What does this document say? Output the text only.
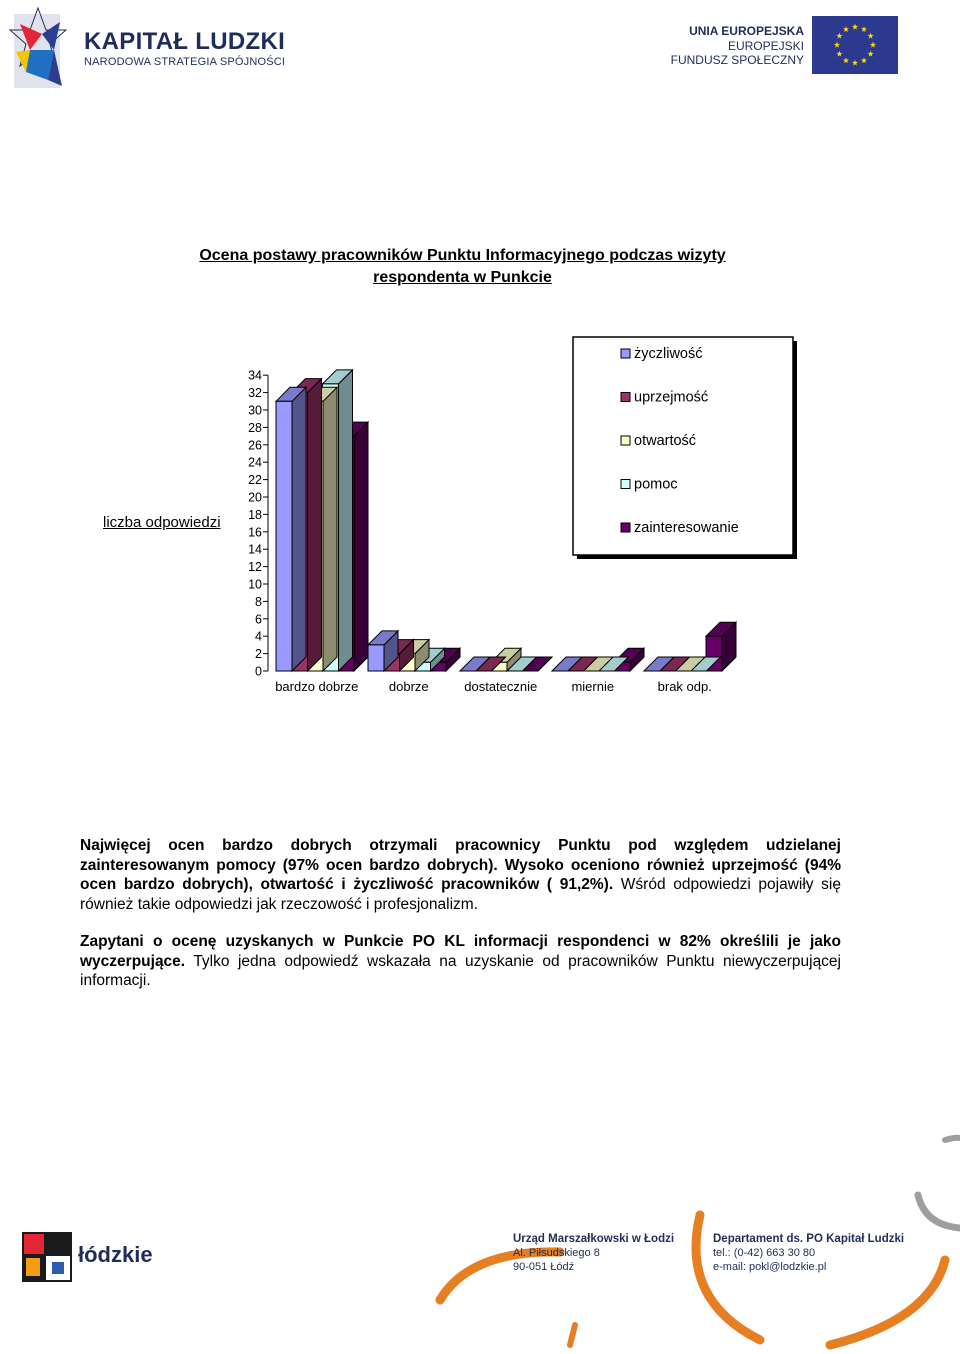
KAPITAŁ LUDZKI
NARODOWA STRATEGIA SPÓJNOŚCI
UNIA EUROPEJSKA
EUROPEJSKI
FUNDUSZ SPOŁECZNY
Ocena postawy pracowników Punktu Informacyjnego podczas wizyty
respondenta w Punkcie
liczba odpowiedzi
0
2
4
6
8
10
12
14
16
18
20
22
24
26
28
30
32
34
bardzo dobrze dobrze	dostatecznie	miernie	brak odp.
życzliwość
uprzejmość
otwartość
pomoc
zainteresowanie
Najwięcej ocen bardzo dobrych otrzymali pracownicy Punktu pod względem udzielanej zainteresowanym pomocy (97% ocen bardzo dobrych). Wysoko oceniono również uprzejmość (94% ocen bardzo dobrych), otwartość i życzliwość pracowników ( 91,2%). Wśród odpowiedzi pojawiły się również takie odpowiedzi jak rzeczowość i profesjonalizm.
Zapytani o ocenę uzyskanych w Punkcie PO KL informacji respondenci w 82% określili je jako wyczerpujące. Tylko jedna odpowiedź wskazała na uzyskanie od pracowników Punktu niewyczerpującej informacji.
łódzkie
Urząd Marszałkowski w Łodzi
Al. Piłsudskiego 8
90-051 Łódź
Departament ds. PO Kapitał Ludzki
tel.: (0-42) 663 30 80
e-mail: pokl@lodzkie.pl
